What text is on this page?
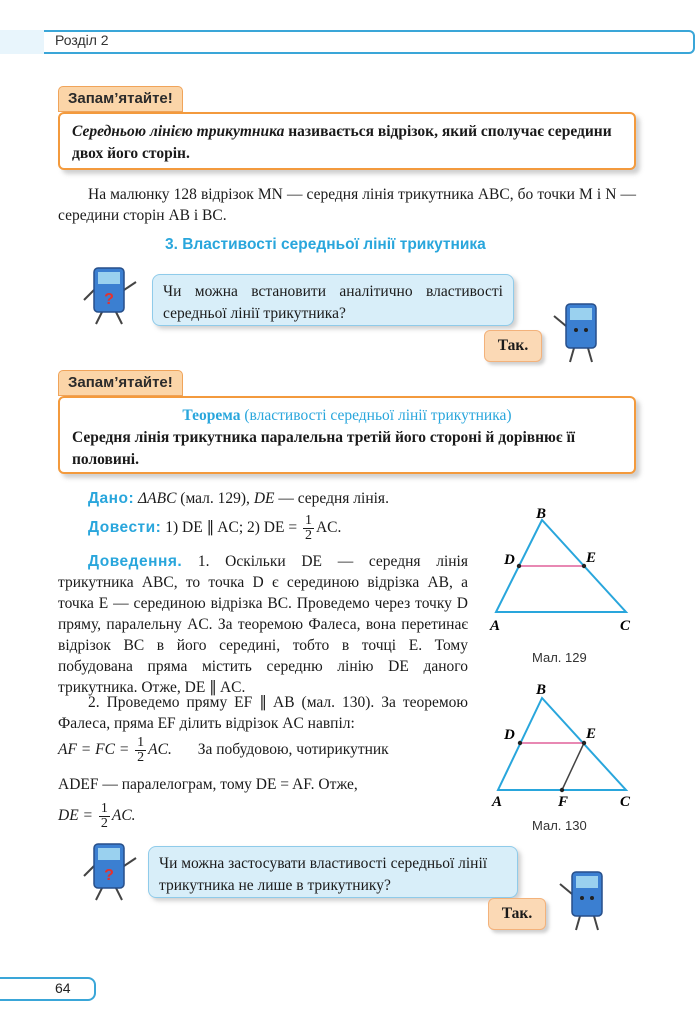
Розділ 2
Запам’ятайте!
Середньою лінією трикутника називається відрізок, який сполучає середини двох його сторін.
На малюнку 128 відрізок MN — середня лінія трикутника ABC, бо точки M і N — середини сторін AB і BC.
3. Властивості середньої лінії трикутника
?	Чи можна встановити аналітично властивості середньої лінії трикутника?
Так.
Запам’ятайте!
Теорема (властивості середньої лінії трикутника)
Середня лінія трикутника паралельна третій його стороні й дорівнює її половині.
Дано: ΔABC (мал. 129), DE — середня лінія.
Довести: 1) DE ∥ AC; 2) DE = $\frac{1}{2}$ AC.
Доведення. 1. Оскільки DE — середня лінія трикутника ABC, то точка D є серединою відрізка AB, а точка E — серединою відрізка BC. Проведемо через точку D пряму, паралельну AC. За теоремою Фалеса, вона перетинає відрізок BC в його середині, тобто в точці E. Тому побудована пряма містить середню лінію DE даного трикутника. Отже, DE ∥ AC.
2. Проведемо пряму EF ∥ AB (мал. 130). За теоремою Фалеса, пряма EF ділить відрізок AC навпіл:
AF = FC = $\frac{1}{2}$ AC. За побудовою, чотирикутник
ADEF — паралелограм, тому DE = AF. Отже,
DE = $\frac{1}{2}$ AC.
B
D	E
A	C
Мал. 129
B
D	E
A	F	C
Мал. 130
?
Чи можна застосувати властивості середньої лінії трикутника не лише в трикутнику?
Так.
64
